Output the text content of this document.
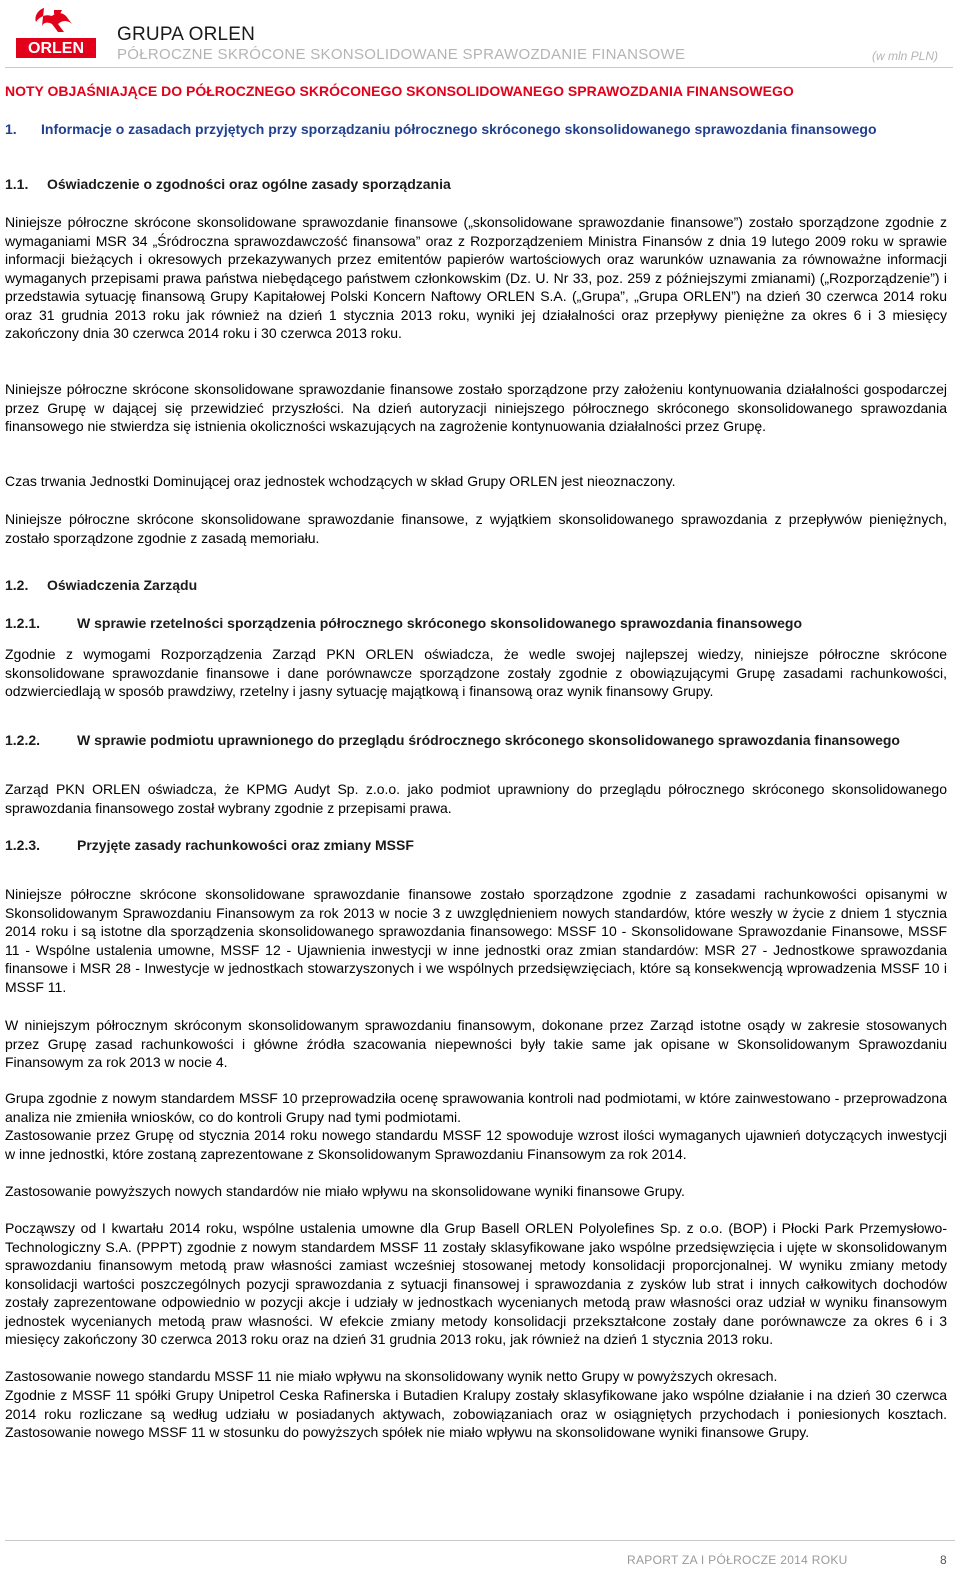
ORLEN
GRUPA ORLEN
PÓŁROCZNE SKRÓCONE SKONSOLIDOWANE SPRAWOZDANIE FINANSOWE	(w mln PLN)
NOTY OBJAŚNIAJĄCE DO PÓŁROCZNEGO SKRÓCONEGO SKONSOLIDOWANEGO SPRAWOZDANIA FINANSOWEGO
1. Informacje o zasadach przyjętych przy sporządzaniu półrocznego skróconego skonsolidowanego sprawozdania finansowego
1.1. Oświadczenie o zgodności oraz ogólne zasady sporządzania

Niniejsze półroczne skrócone skonsolidowane sprawozdanie finansowe („skonsolidowane sprawozdanie finansowe”) zostało sporządzone zgodnie z wymaganiami MSR 34 „Śródroczna sprawozdawczość finansowa” oraz z Rozporządzeniem Ministra Finansów z dnia 19 lutego 2009 roku w sprawie informacji bieżących i okresowych przekazywanych przez emitentów papierów wartościowych oraz warunków uznawania za równoważne informacji wymaganych przepisami prawa państwa niebędącego państwem członkowskim (Dz. U. Nr 33, poz. 259 z późniejszymi zmianami) („Rozporządzenie”) i przedstawia sytuację finansową Grupy Kapitałowej Polski Koncern Naftowy ORLEN S.A. („Grupa”, „Grupa ORLEN”) na dzień 30 czerwca 2014 roku oraz 31 grudnia 2013 roku jak również na dzień 1 stycznia 2013 roku, wyniki jej działalności oraz przepływy pieniężne za okres 6 i 3 miesięcy zakończony dnia 30 czerwca 2014 roku i 30 czerwca 2013 roku.

Niniejsze półroczne skrócone skonsolidowane sprawozdanie finansowe zostało sporządzone przy założeniu kontynuowania działalności gospodarczej przez Grupę w dającej się przewidzieć przyszłości. Na dzień autoryzacji niniejszego półrocznego skróconego skonsolidowanego sprawozdania finansowego nie stwierdza się istnienia okoliczności wskazujących na zagrożenie kontynuowania działalności przez Grupę.

Czas trwania Jednostki Dominującej oraz jednostek wchodzących w skład Grupy ORLEN jest nieoznaczony.

Niniejsze półroczne skrócone skonsolidowane sprawozdanie finansowe, z wyjątkiem skonsolidowanego sprawozdania z przepływów pieniężnych, zostało sporządzone zgodnie z zasadą memoriału.

1.2. Oświadczenia Zarządu
1.2.1.	W sprawie rzetelności sporządzenia półrocznego skróconego skonsolidowanego sprawozdania finansowego

Zgodnie z wymogami Rozporządzenia Zarząd PKN ORLEN oświadcza, że wedle swojej najlepszej wiedzy, niniejsze półroczne skrócone skonsolidowane sprawozdanie finansowe i dane porównawcze sporządzone zostały zgodnie z obowiązującymi Grupę zasadami rachunkowości, odzwierciedlają w sposób prawdziwy, rzetelny i jasny sytuację majątkową i finansową oraz wynik finansowy Grupy.

1.2.2.	W sprawie podmiotu uprawnionego do przeglądu śródrocznego skróconego skonsolidowanego sprawozdania finansowego

Zarząd PKN ORLEN oświadcza, że KPMG Audyt Sp. z.o.o. jako podmiot uprawniony do przeglądu półrocznego skróconego skonsolidowanego sprawozdania finansowego został wybrany zgodnie z przepisami prawa.

1.2.3.	Przyjęte zasady rachunkowości oraz zmiany MSSF

Niniejsze półroczne skrócone skonsolidowane sprawozdanie finansowe zostało sporządzone zgodnie z zasadami rachunkowości opisanymi w Skonsolidowanym Sprawozdaniu Finansowym za rok 2013 w nocie 3 z uwzględnieniem nowych standardów, które weszły w życie z dniem 1 stycznia 2014 roku i są istotne dla sporządzenia skonsolidowanego sprawozdania finansowego: MSSF 10 - Skonsolidowane Sprawozdanie Finansowe, MSSF 11 - Wspólne ustalenia umowne, MSSF 12 - Ujawnienia inwestycji w inne jednostki oraz zmian standardów: MSR 27 - Jednostkowe sprawozdania finansowe i MSR 28 - Inwestycje w jednostkach stowarzyszonych i we wspólnych przedsięwzięciach, które są konsekwencją wprowadzenia MSSF 10 i MSSF 11.

W niniejszym półrocznym skróconym skonsolidowanym sprawozdaniu finansowym, dokonane przez Zarząd istotne osądy w zakresie stosowanych przez Grupę zasad rachunkowości i główne źródła szacowania niepewności były takie same jak opisane w Skonsolidowanym Sprawozdaniu Finansowym za rok 2013 w nocie 4.

Grupa zgodnie z nowym standardem MSSF 10 przeprowadziła ocenę sprawowania kontroli nad podmiotami, w które zainwestowano - przeprowadzona analiza nie zmieniła wniosków, co do kontroli Grupy nad tymi podmiotami.

Zastosowanie przez Grupę od stycznia 2014 roku nowego standardu MSSF 12 spowoduje wzrost ilości wymaganych ujawnień dotyczących inwestycji w inne jednostki, które zostaną zaprezentowane z Skonsolidowanym Sprawozdaniu Finansowym za rok 2014.

Zastosowanie powyższych nowych standardów nie miało wpływu na skonsolidowane wyniki finansowe Grupy.

Począwszy od I kwartału 2014 roku, wspólne ustalenia umowne dla Grup Basell ORLEN Polyolefines Sp. z o.o. (BOP) i Płocki Park Przemysłowo-Technologiczny S.A. (PPPT) zgodnie z nowym standardem MSSF 11 zostały sklasyfikowane jako wspólne przedsięwzięcia i ujęte w skonsolidowanym sprawozdaniu finansowym metodą praw własności zamiast wcześniej stosowanej metody konsolidacji proporcjonalnej. W wyniku zmiany metody konsolidacji wartości poszczególnych pozycji sprawozdania z sytuacji finansowej i sprawozdania z zysków lub strat i innych całkowitych dochodów zostały zaprezentowane odpowiednio w pozycji akcje i udziały w jednostkach wycenianych metodą praw własności oraz udział w wyniku finansowym jednostek wycenianych metodą praw własności. W efekcie zmiany metody konsolidacji przekształcone zostały dane porównawcze za okres 6 i 3 miesięcy zakończony 30 czerwca 2013 roku oraz na dzień 31 grudnia 2013 roku, jak również na dzień 1 stycznia 2013 roku.

Zastosowanie nowego standardu MSSF 11 nie miało wpływu na skonsolidowany wynik netto Grupy w powyższych okresach.

Zgodnie z MSSF 11 spółki Grupy Unipetrol Ceska Rafinerska i Butadien Kralupy zostały sklasyfikowane jako wspólne działanie i na dzień 30 czerwca 2014 roku rozliczane są według udziału w posiadanych aktywach, zobowiązaniach oraz w osiągniętych przychodach i poniesionych kosztach. Zastosowanie nowego MSSF 11 w stosunku do powyższych spółek nie miało wpływu na skonsolidowane wyniki finansowe Grupy.

RAPORT ZA I PÓŁROCZE 2014 ROKU	8
